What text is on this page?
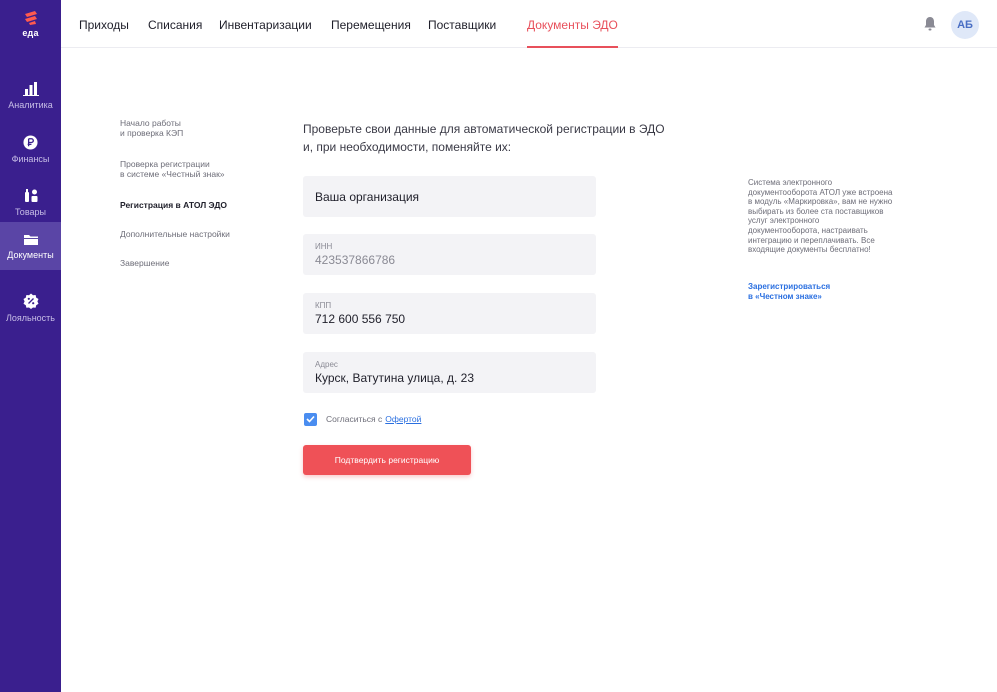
еда
Аналитика
Финансы
Товары
Документы
Лояльность
Приходы Списания Инвентаризации Перемещения Поставщики	Документы ЭДО	АБ
Начало работы
и проверка КЭП
Проверка регистрации
в системе «Честный знак»
Регистрация в АТОЛ ЭДО
Дополнительные настройки
Завершение
Проверьте свои данные для автоматической регистрации в ЭДО
и, при необходимости, поменяйте их:
Ваша организация
ИНН
423537866786
КПП
712 600 556 750
Адрес
Курск, Ватутина улица, д. 23
Согласиться с Офертой
Подтвердить регистрацию
Система электронного
документооборота АТОЛ уже встроена
в модуль «Маркировка», вам не нужно
выбирать из более ста поставщиков
услуг электронного
документооборота, настраивать
интеграцию и переплачивать. Все
входящие документы бесплатно!
Зарегистрироваться
в «Честном знаке»
